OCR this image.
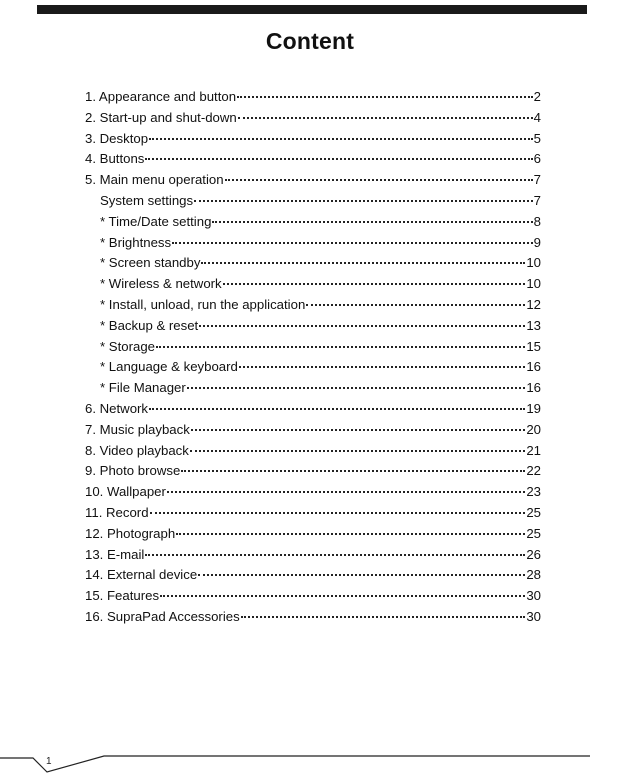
Content
1. Appearance and button	2
2. Start-up and shut-down	4
3. Desktop	5
4. Buttons	6
5. Main menu operation	7
System settings	7
* Time/Date setting	8
* Brightness	9
* Screen standby	10
* Wireless & network	10
* Install, unload, run the application	12
* Backup & reset	13
* Storage	15
* Language & keyboard	16
* File Manager	16
6. Network	19
7. Music playback	20
8. Video playback	21
9. Photo browse	22
10. Wallpaper	23
11. Record	25
12. Photograph	25
13. E-mail	26
14. External device	28
15. Features	30
16. SupraPad Accessories	30
1
